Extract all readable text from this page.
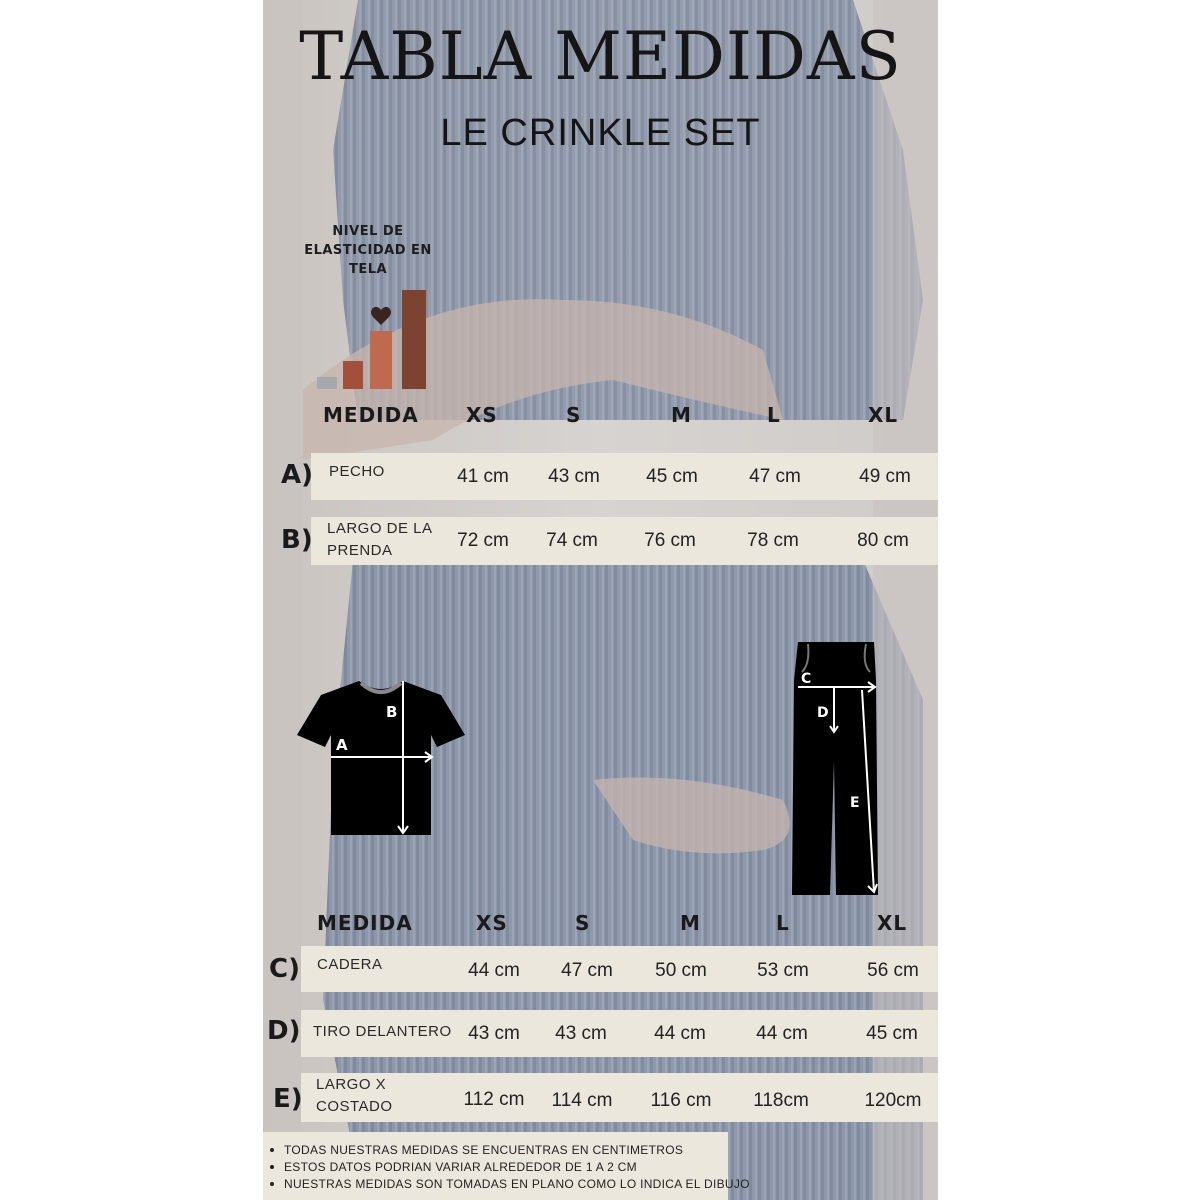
TABLA MEDIDAS
LE CRINKLE SET
NIVEL DE
ELASTICIDAD EN
TELA
MEDIDA XS	S	M	L	XL
A) PECHO	41 cm	43 cm	45 cm	47 cm	49 cm
B) LARGO DE LA
PRENDA	72 cm	74 cm	76 cm	78 cm	80 cm
A
B
C
D
E
MEDIDA	XS	S	M	L	XL
C) CADERA	44 cm	47 cm	50 cm	53 cm	56 cm
D) TIRO DELANTERO 43 cm	43 cm	44 cm	44 cm	45 cm
E) LARGO X
COSTADO	112 cm	114 cm	116 cm	118cm	120cm
TODAS NUESTRAS MEDIDAS SE ENCUENTRAS EN CENTIMETROS
ESTOS DATOS PODRIAN VARIAR ALREDEDOR DE 1 A 2 CM
NUESTRAS MEDIDAS SON TOMADAS EN PLANO COMO LO INDICA EL DIBUJO
